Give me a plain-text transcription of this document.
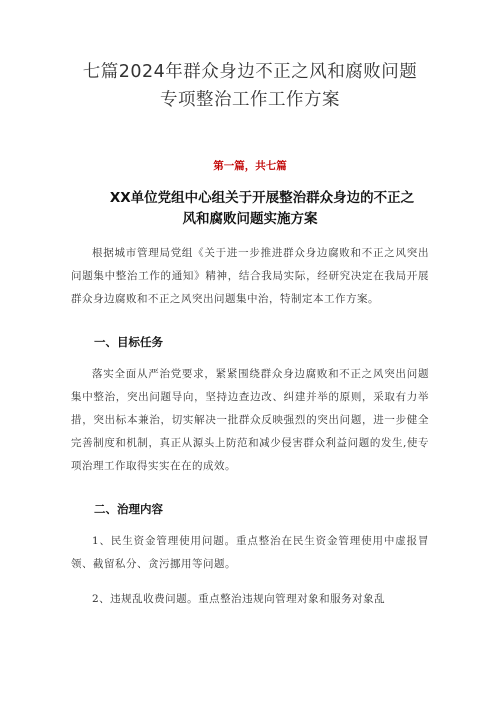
七篇2024年群众身边不正之风和腐败问题
专项整治工作工作方案

第一篇，共七篇

XX单位党组中心组关于开展整治群众身边的不正之
风和腐败问题实施方案

根据城市管理局党组《关于进一步推进群众身边腐败和不正之风突出问题集中整治工作的通知》精神，结合我局实际，经研究决定在我局开展群众身边腐败和不正之风突出问题集中治，特制定本工作方案。

一、目标任务

落实全面从严治党要求，紧紧围绕群众身边腐败和不正之风突出问题集中整治，突出问题导向，坚持边查边改、纠建并举的原则，采取有力举措，突出标本兼治，切实解决一批群众反映强烈的突出问题，进一步健全完善制度和机制，真正从源头上防范和减少侵害群众利益问题的发生,使专项治理工作取得实实在在的成效。

二、治理内容

1、民生资金管理使用问题。重点整治在民生资金管理使用中虚报冒领、截留私分、贪污挪用等问题。

2、违规乱收费问题。重点整治违规向管理对象和服务对象乱
